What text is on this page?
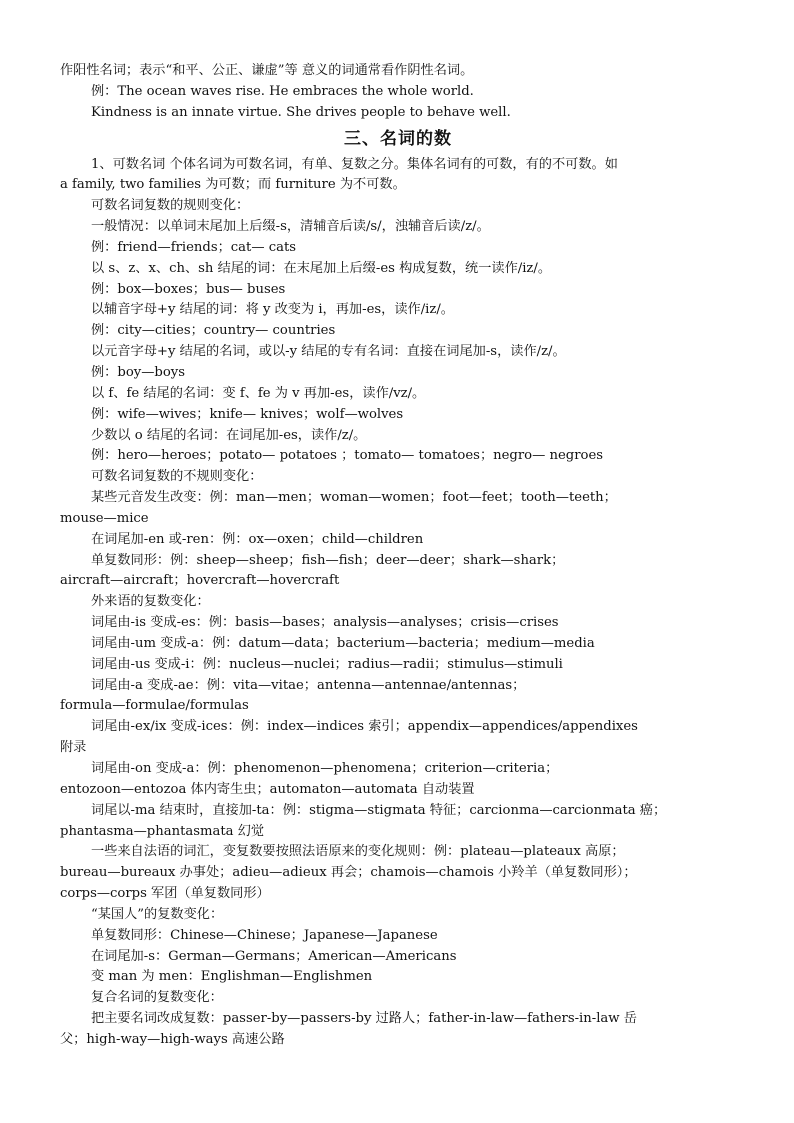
作阳性名词；表示“和平、公正、谦虚”等 意义的词通常看作阴性名词。
例：The ocean waves rise. He embraces the whole world.
Kindness is an innate virtue. She drives people to behave well.
三、名词的数
1、可数名词 个体名词为可数名词，有单、复数之分。集体名词有的可数，有的不可数。如
a family, two families 为可数；而 furniture 为不可数。
可数名词复数的规则变化：
一般情况：以单词末尾加上后缀-s，清辅音后读/s/，浊辅音后读/z/。
例：friend—friends；cat— cats
以 s、z、x、ch、sh 结尾的词：在末尾加上后缀-es 构成复数，统一读作/iz/。
例：box—boxes；bus— buses
以辅音字母+y 结尾的词：将 y 改变为 i，再加-es，读作/iz/。
例：city—cities；country— countries
以元音字母+y 结尾的名词，或以-y 结尾的专有名词：直接在词尾加-s，读作/z/。
例：boy—boys
以 f、fe 结尾的名词：变 f、fe 为 v 再加-es，读作/vz/。
例：wife—wives；knife— knives；wolf—wolves
少数以 o 结尾的名词：在词尾加-es，读作/z/。
例：hero—heroes；potato— potatoes ；tomato— tomatoes；negro— negroes
可数名词复数的不规则变化：
某些元音发生改变：例：man—men；woman—women；foot—feet；tooth—teeth；
mouse—mice
在词尾加-en 或-ren：例：ox—oxen；child—children
单复数同形：例：sheep—sheep；fish—fish；deer—deer；shark—shark；
aircraft—aircraft；hovercraft—hovercraft
外来语的复数变化：
词尾由-is 变成-es：例：basis—bases；analysis—analyses；crisis—crises
词尾由-um 变成-a：例：datum—data；bacterium—bacteria；medium—media
词尾由-us 变成-i：例：nucleus—nuclei；radius—radii；stimulus—stimuli
词尾由-a 变成-ae：例：vita—vitae；antenna—antennae/antennas；
formula—formulae/formulas
词尾由-ex/ix 变成-ices：例：index—indices 索引；appendix—appendices/appendixes
附录
词尾由-on 变成-a：例：phenomenon—phenomena；criterion—criteria；
entozoon—entozoa 体内寄生虫；automaton—automata 自动装置
词尾以-ma 结束时，直接加-ta：例：stigma—stigmata 特征；carcionma—carcionmata 癌；
phantasma—phantasmata 幻觉
一些来自法语的词汇，变复数要按照法语原来的变化规则：例：plateau—plateaux 高原；
bureau—bureaux 办事处；adieu—adieux 再会；chamois—chamois 小羚羊（单复数同形）；
corps—corps 军团（单复数同形）
“某国人”的复数变化：
单复数同形：Chinese—Chinese；Japanese—Japanese
在词尾加-s：German—Germans；American—Americans
变 man 为 men：Englishman—Englishmen
复合名词的复数变化：
把主要名词改成复数：passer-by—passers-by 过路人；father-in-law—fathers-in-law 岳
父；high-way—high-ways 高速公路
